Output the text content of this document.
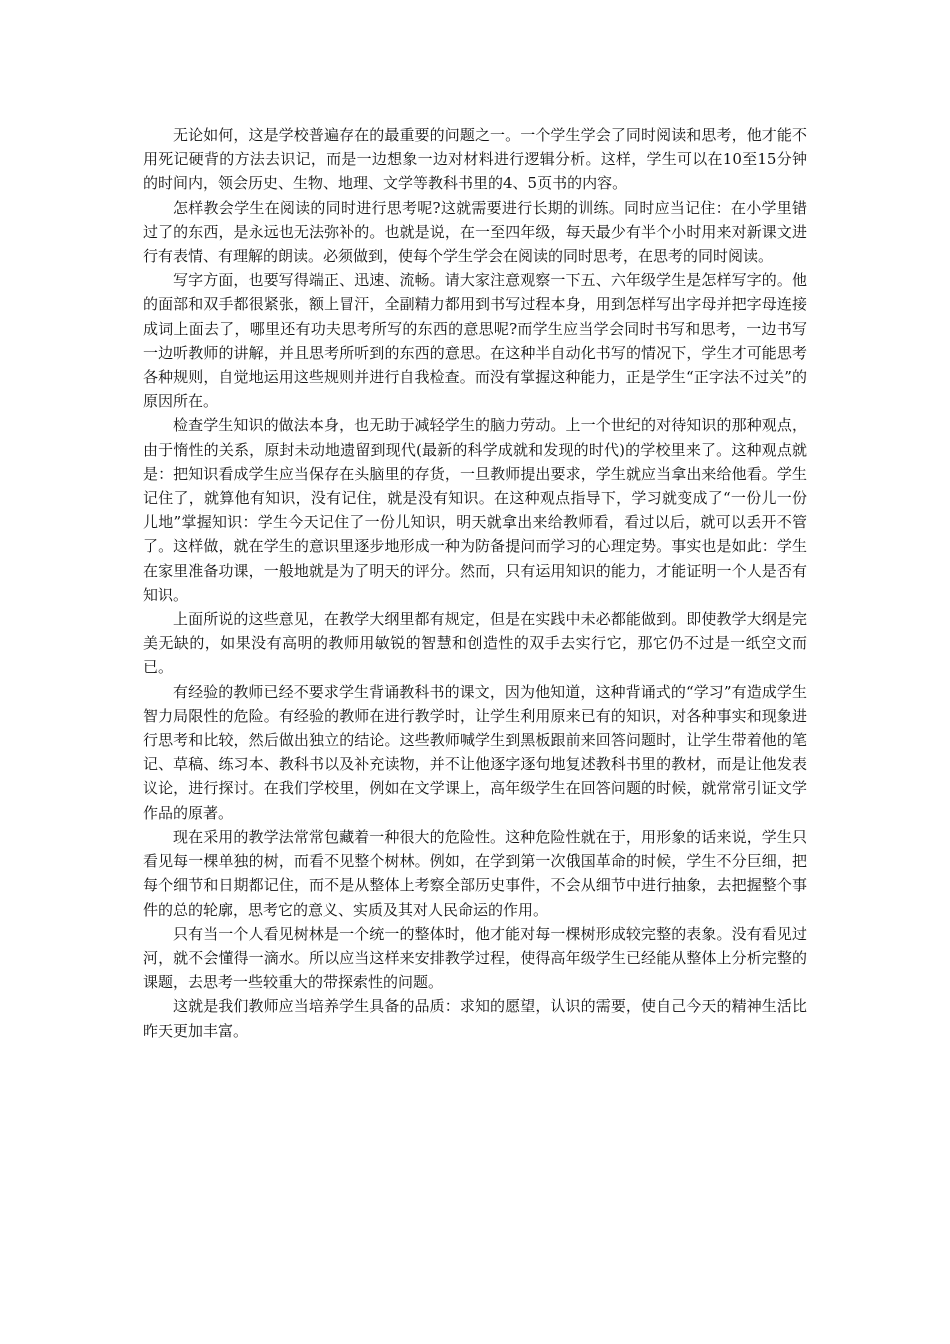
无论如何，这是学校普遍存在的最重要的问题之一。一个学生学会了同时阅读和思考，他才能不用死记硬背的方法去识记，而是一边想象一边对材料进行逻辑分析。这样，学生可以在10至15分钟的时间内，领会历史、生物、地理、文学等教科书里的4、5页书的内容。

怎样教会学生在阅读的同时进行思考呢?这就需要进行长期的训练。同时应当记住：在小学里错过了的东西，是永远也无法弥补的。也就是说，在一至四年级，每天最少有半个小时用来对新课文进行有表情、有理解的朗读。必须做到，使每个学生学会在阅读的同时思考，在思考的同时阅读。

写字方面，也要写得端正、迅速、流畅。请大家注意观察一下五、六年级学生是怎样写字的。他的面部和双手都很紧张，额上冒汗，全副精力都用到书写过程本身，用到怎样写出字母并把字母连接成词上面去了，哪里还有功夫思考所写的东西的意思呢?而学生应当学会同时书写和思考，一边书写一边听教师的讲解，并且思考所听到的东西的意思。在这种半自动化书写的情况下，学生才可能思考各种规则，自觉地运用这些规则并进行自我检查。而没有掌握这种能力，正是学生“正字法不过关”的原因所在。

检查学生知识的做法本身，也无助于减轻学生的脑力劳动。上一个世纪的对待知识的那种观点，由于惰性的关系，原封未动地遗留到现代(最新的科学成就和发现的时代)的学校里来了。这种观点就是：把知识看成学生应当保存在头脑里的存货，一旦教师提出要求，学生就应当拿出来给他看。学生记住了，就算他有知识，没有记住，就是没有知识。在这种观点指导下，学习就变成了“一份儿一份儿地”掌握知识：学生今天记住了一份儿知识，明天就拿出来给教师看，看过以后，就可以丢开不管了。这样做，就在学生的意识里逐步地形成一种为防备提问而学习的心理定势。事实也是如此：学生在家里准备功课，一般地就是为了明天的评分。然而，只有运用知识的能力，才能证明一个人是否有知识。

上面所说的这些意见，在教学大纲里都有规定，但是在实践中未必都能做到。即使教学大纲是完美无缺的，如果没有高明的教师用敏锐的智慧和创造性的双手去实行它，那它仍不过是一纸空文而已。

有经验的教师已经不要求学生背诵教科书的课文，因为他知道，这种背诵式的“学习”有造成学生智力局限性的危险。有经验的教师在进行教学时，让学生利用原来已有的知识，对各种事实和现象进行思考和比较，然后做出独立的结论。这些教师喊学生到黑板跟前来回答问题时，让学生带着他的笔记、草稿、练习本、教科书以及补充读物，并不让他逐字逐句地复述教科书里的教材，而是让他发表议论，进行探讨。在我们学校里，例如在文学课上，高年级学生在回答问题的时候，就常常引证文学作品的原著。

现在采用的教学法常常包藏着一种很大的危险性。这种危险性就在于，用形象的话来说，学生只看见每一棵单独的树，而看不见整个树林。例如，在学到第一次俄国革命的时候，学生不分巨细，把每个细节和日期都记住，而不是从整体上考察全部历史事件，不会从细节中进行抽象，去把握整个事件的总的轮廓，思考它的意义、实质及其对人民命运的作用。

只有当一个人看见树林是一个统一的整体时，他才能对每一棵树形成较完整的表象。没有看见过河，就不会懂得一滴水。所以应当这样来安排教学过程，使得高年级学生已经能从整体上分析完整的课题，去思考一些较重大的带探索性的问题。

这就是我们教师应当培养学生具备的品质：求知的愿望，认识的需要，使自己今天的精神生活比昨天更加丰富。
